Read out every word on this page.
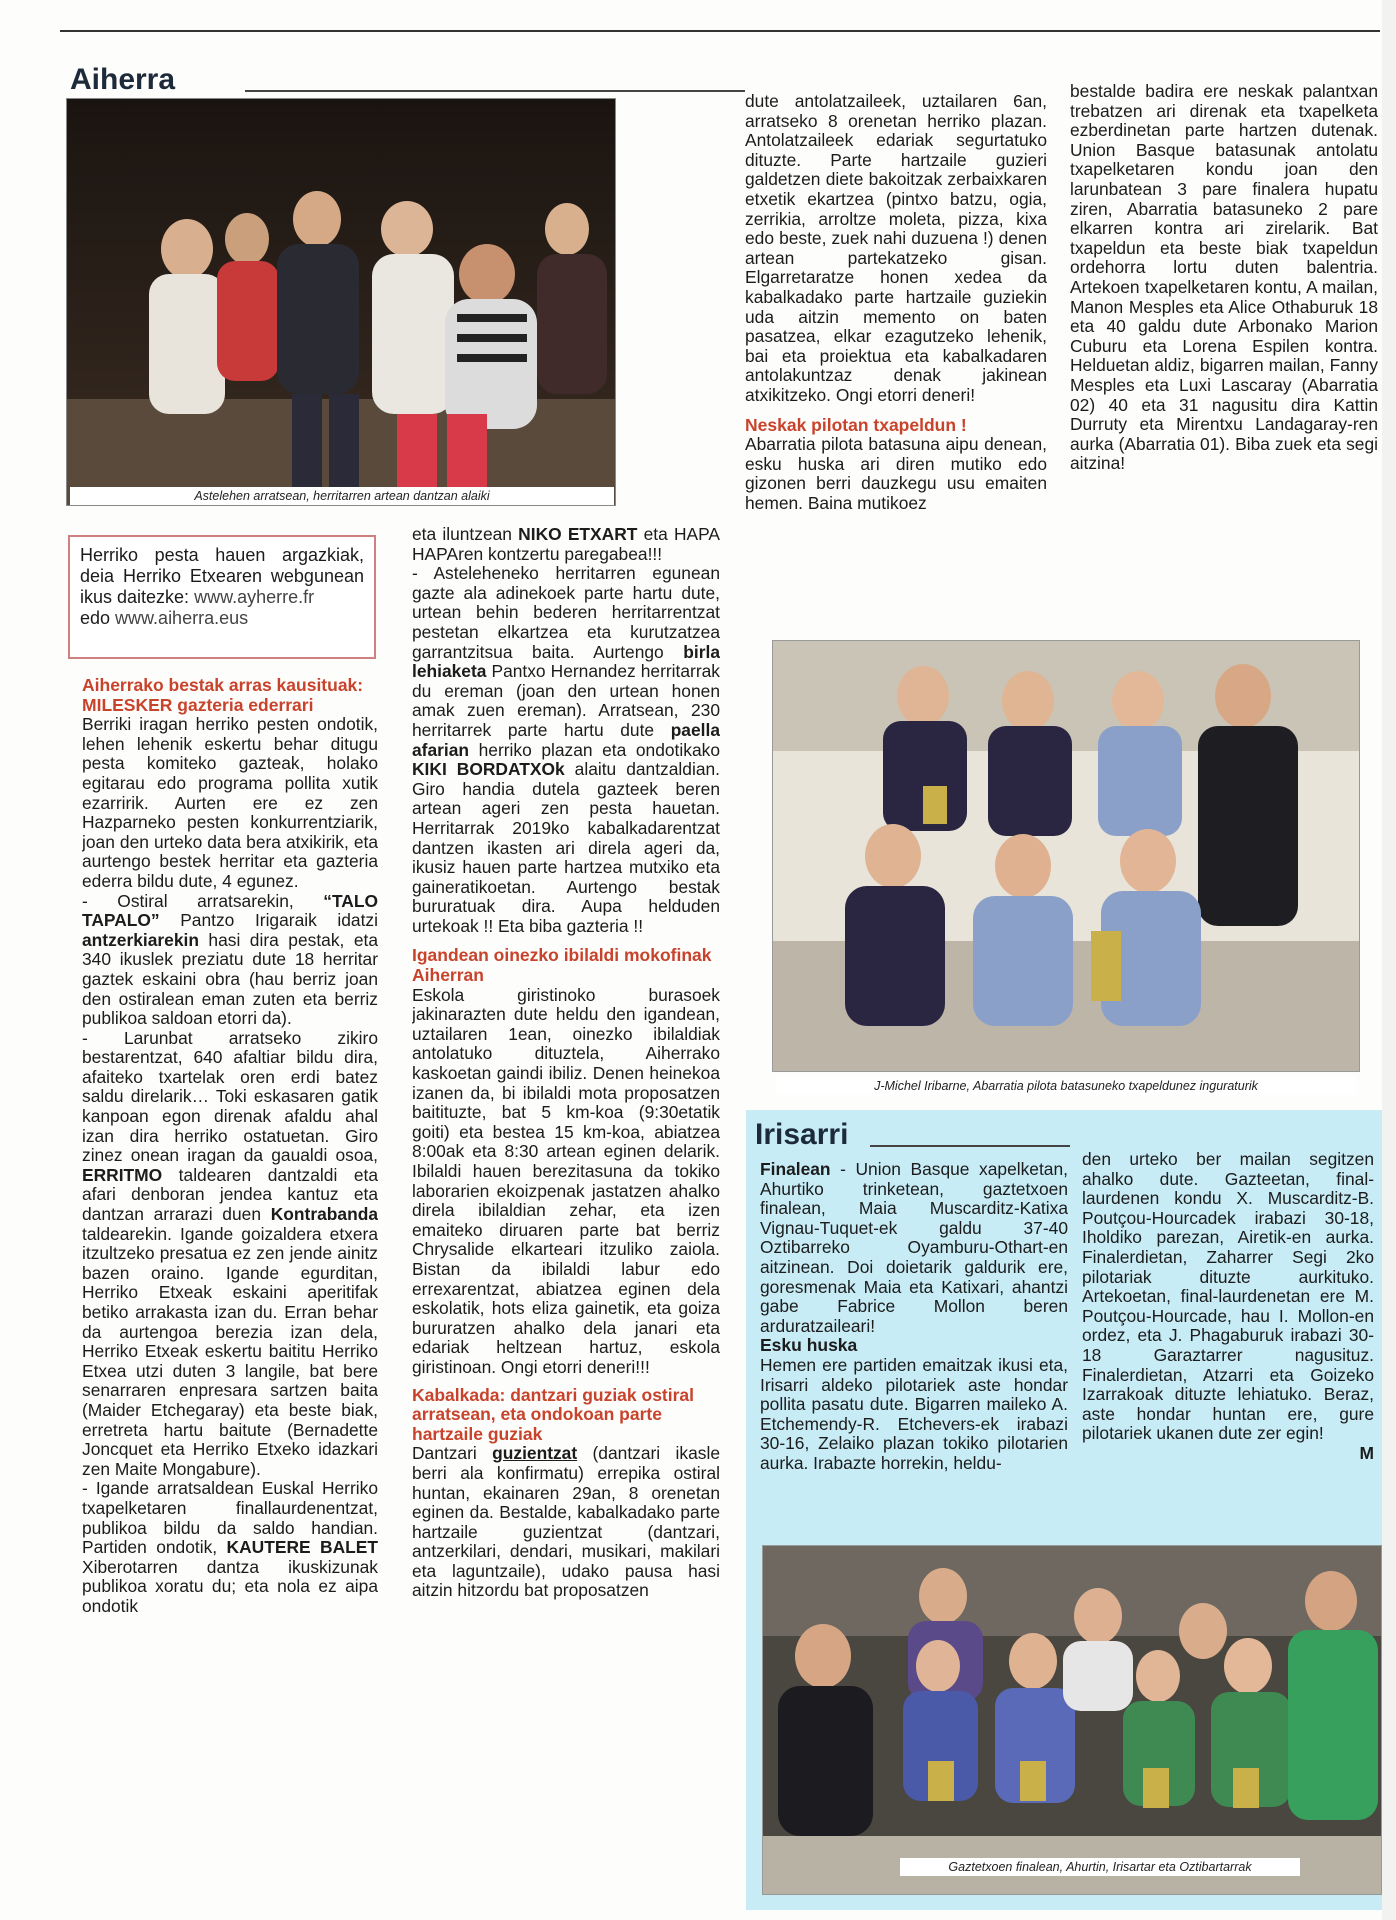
Aiherra
Astelehen arratsean, herritarren artean dantzan alaiki

Herriko pesta hauen argazkiak, deia Herriko Etxearen webgunean ikus daitezke: www.ayherre.fr

edo www.aiherra.eus

Aiherrako bestak arras kausituak: MILESKER gazteria ederrari

Berriki iragan herriko pesten ondotik, lehen lehenik eskertu behar ditugu pesta komiteko gazteak, holako egitarau edo programa pollita xutik ezarririk. Aurten ere ez zen Hazparneko pesten konkurrentziarik, joan den urteko data bera atxikirik, eta aurtengo bestek herritar eta gazteria ederra bildu dute, 4 egunez.

- Ostiral arratsarekin, “TALO TAPALO” Pantzo Irigaraik idatzi antzerkiarekin hasi dira pestak, eta 340 ikuslek preziatu dute 18 herritar gaztek eskaini obra (hau berriz joan den ostiralean eman zuten eta berriz publikoa saldoan etorri da).

- Larunbat arratseko zikiro bestarentzat, 640 afaltiar bildu dira, afaiteko txartelak oren erdi batez saldu direlarik… Toki eskasaren gatik kanpoan egon direnak afaldu ahal izan dira herriko ostatuetan. Giro zinez onean iragan da gaualdi osoa, ERRITMO taldearen dantzaldi eta afari denboran jendea kantuz eta dantzan arrarazi duen Kontrabanda taldearekin. Igande goizaldera etxera itzultzeko presatua ez zen jende ainitz bazen oraino. Igande egurditan, Herriko Etxeak eskaini aperitifak betiko arrakasta izan du. Erran behar da aurtengoa berezia izan dela, Herriko Etxeak eskertu baititu Herriko Etxea utzi duten 3 langile, bat bere senarraren enpresara sartzen baita (Maider Etchegaray) eta beste biak, erretreta hartu baitute (Bernadette Joncquet eta Herriko Etxeko idazkari zen Maite Mongabure).

- Igande arratsaldean Euskal Herriko txapelketaren finallaurdenentzat, publikoa bildu da saldo handian. Partiden ondotik, KAUTERE BALET Xiberotarren dantza ikuskizunak publikoa xoratu du; eta nola ez aipa ondotik

eta iluntzean NIKO ETXART eta HAPA HAPAren kontzertu paregabea!!!

- Asteleheneko herritarren egunean gazte ala adinekoek parte hartu dute, urtean behin bederen herritarrentzat pestetan elkartzea eta kurutzatzea garrantzitsua baita. Aurtengo birla lehiaketa Pantxo Hernandez herritarrak du ereman (joan den urtean honen amak zuen ereman). Arratsean, 230 herritarrek parte hartu dute paella afarian herriko plazan eta ondotikako KIKI BORDATXOk alaitu dantzaldian. Giro handia dutela gazteek beren artean ageri zen pesta hauetan. Herritarrak 2019ko kabalkadarentzat dantzen ikasten ari direla ageri da, ikusiz hauen parte hartzea mutxiko eta gaineratikoetan. Aurtengo bestak bururatuak dira. Aupa helduden urtekoak !! Eta biba gazteria !!

Igandean oinezko ibilaldi mokofinak Aiherran

Eskola giristinoko burasoek jakinarazten dute heldu den igandean, uztailaren 1ean, oinezko ibilaldiak antolatuko dituztela, Aiherrako kaskoetan gaindi ibiliz. Denen heinekoa izanen da, bi ibilaldi mota proposatzen baitituzte, bat 5 km-koa (9:30etatik goiti) eta bestea 15 km-koa, abiatzea 8:00ak eta 8:30 artean eginen delarik. Ibilaldi hauen berezitasuna da tokiko laborarien ekoizpenak jastatzen ahalko direla ibilaldian zehar, eta izen emaiteko diruaren parte bat berriz Chrysalide elkarteari itzuliko zaiola. Bistan da ibilaldi labur edo errexarentzat, abiatzea eginen dela eskolatik, hots eliza gainetik, eta goiza bururatzen ahalko dela janari eta edariak heltzean hartuz, eskola giristinoan. Ongi etorri deneri!!!

Kabalkada: dantzari guziak ostiral arratsean, eta ondokoan parte hartzaile guziak

Dantzari guzientzat (dantzari ikasle berri ala konfirmatu) errepika ostiral huntan, ekainaren 29an, 8 orenetan eginen da. Bestalde, kabalkadako parte hartzaile guzientzat (dantzari, antzerkilari, dendari, musikari, makilari eta laguntzaile), udako pausa hasi aitzin hitzordu bat proposatzen

dute antolatzaileek, uztailaren 6an, arratseko 8 orenetan herriko plazan. Antolatzaileek edariak segurtatuko dituzte. Parte hartzaile guzieri galdetzen diete bakoitzak zerbaixkaren etxetik ekartzea (pintxo batzu, ogia, zerrikia, arroltze moleta, pizza, kixa edo beste, zuek nahi duzuena !) denen artean partekatzeko gisan. Elgarretaratze honen xedea da kabalkadako parte hartzaile guziekin uda aitzin memento on baten pasatzea, elkar ezagutzeko lehenik, bai eta proiektua eta kabalkadaren antolakuntzaz denak jakinean atxikitzeko. Ongi etorri deneri!

Neskak pilotan txapeldun !

Abarratia pilota batasuna aipu denean, esku huska ari diren mutiko edo gizonen berri dauzkegu usu emaiten hemen. Baina mutikoez

bestalde badira ere neskak palantxan trebatzen ari direnak eta txapelketa ezberdinetan parte hartzen dutenak. Union Basque batasunak antolatu txapelketaren kondu joan den larunbatean 3 pare finalera hupatu ziren, Abarratia batasuneko 2 pare elkarren kontra ari zirelarik. Bat txapeldun eta beste biak txapeldun ordehorra lortu duten balentria. Artekoen txapelketaren kontu, A mailan, Manon Mesples eta Alice Othaburuk 18 eta 40 galdu dute Arbonako Marion Cuburu eta Lorena Espilen kontra. Helduetan aldiz, bigarren mailan, Fanny Mesples eta Luxi Lascaray (Abarratia 02) 40 eta 31 nagusitu dira Kattin Durruty eta Mirentxu Landagaray-ren aurka (Abarratia 01). Biba zuek eta segi aitzina!

J-Michel Iribarne, Abarratia pilota batasuneko txapeldunez inguraturik
Irisarri

Finalean - Union Basque xapelketan, Ahurtiko trinketean, gaztetxoen finalean, Maia Muscarditz-Katixa Vignau-Tuquet-ek galdu 37-40 Oztibarreko Oyamburu-Othart-en aitzinean. Doi doietarik galdurik ere, goresmenak Maia eta Katixari, ahantzi gabe Fabrice Mollon beren arduratzaileari!

Esku huska

Hemen ere partiden emaitzak ikusi eta, Irisarri aldeko pilotariek aste hondar pollita pasatu dute. Bigarren maileko A. Etchemendy-R. Etchevers-ek irabazi 30-16, Zelaiko plazan tokiko pilotarien aurka. Irabazte horrekin, heldu-

den urteko ber mailan segitzen ahalko dute. Gazteetan, final-laurdenen kondu X. Muscarditz-B. Poutçou-Hourcadek irabazi 30-18, Iholdiko parezan, Airetik-en aurka. Finalerdietan, Zaharrer Segi 2ko pilotariak dituzte aurkituko. Artekoetan, final-laurdenetan ere M. Poutçou-Hourcade, hau I. Mollon-en ordez, eta J. Phagaburuk irabazi 30-18 Garaztarrer nagusituz. Finalerdietan, Atzarri eta Goizeko Izarrakoak dituzte lehiatuko. Beraz, aste hondar huntan ere, gure pilotariek ukanen dute zer egin!

M

Gaztetxoen finalean, Ahurtin, Irisartar eta Oztibartarrak
